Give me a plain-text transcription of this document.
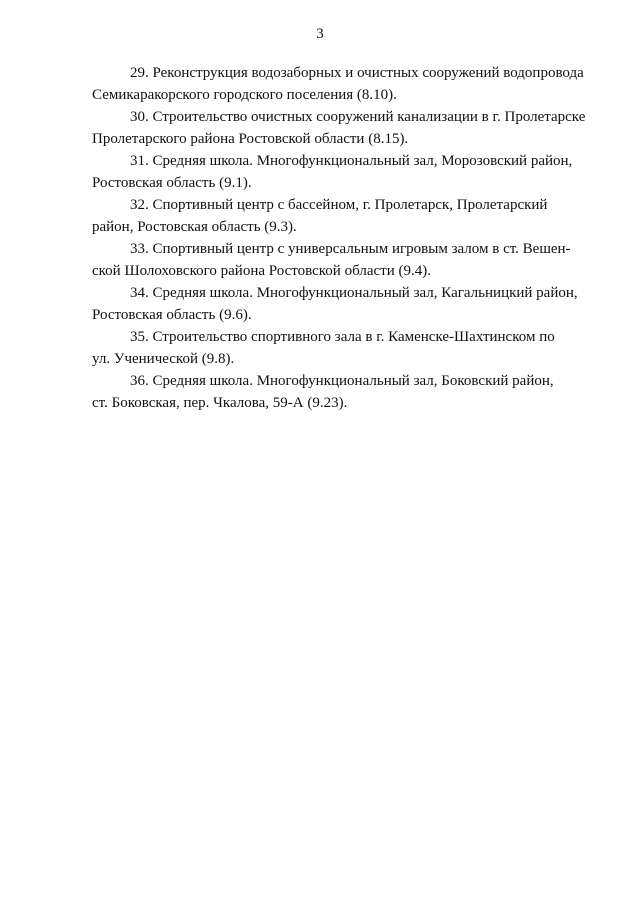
3
29. Реконструкция водозаборных и очистных сооружений водопровода
Семикаракорского городского поселения (8.10).
30. Строительство очистных сооружений канализации в г. Пролетарске
Пролетарского района Ростовской области (8.15).
31. Средняя школа. Многофункциональный зал, Морозовский район,
Ростовская область (9.1).
32. Спортивный центр с бассейном, г. Пролетарск, Пролетарский
район, Ростовская область (9.3).
33. Спортивный центр с универсальным игровым залом в ст. Вешен-
ской Шолоховского района Ростовской области (9.4).
34. Средняя школа. Многофункциональный зал, Кагальницкий район,
Ростовская область (9.6).
35. Строительство спортивного зала в г. Каменске-Шахтинском по
ул. Ученической (9.8).
36. Средняя школа. Многофункциональный зал, Боковский район,
ст. Боковская, пер. Чкалова, 59-А (9.23).
